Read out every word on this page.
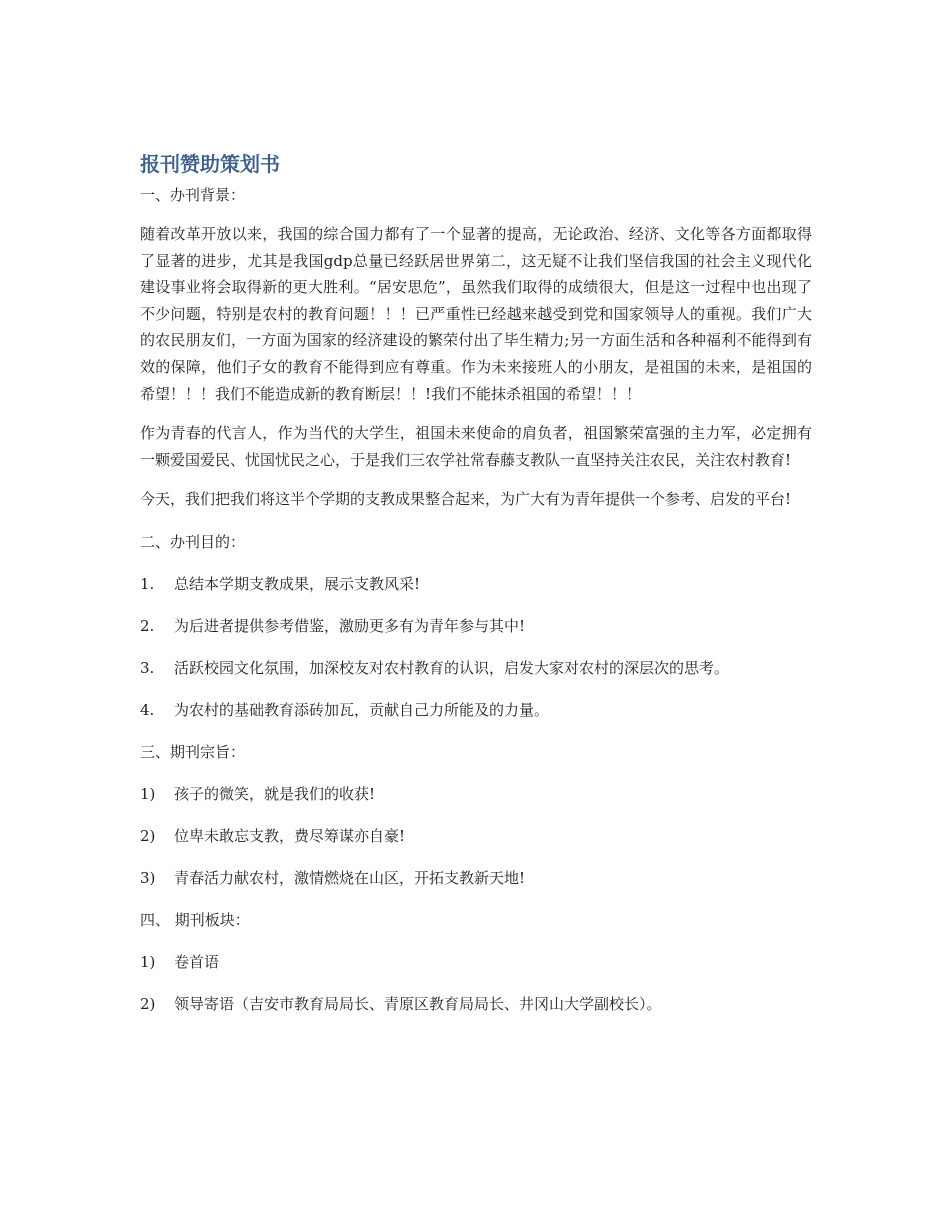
报刊赞助策划书

一、办刊背景：

随着改革开放以来，我国的综合国力都有了一个显著的提高，无论政治、经济、文化等各方面都取得了显著的进步，尤其是我国gdp总量已经跃居世界第二，这无疑不让我们坚信我国的社会主义现代化建设事业将会取得新的更大胜利。“居安思危”，虽然我们取得的成绩很大，但是这一过程中也出现了不少问题，特别是农村的教育问题！！！已严重性已经越来越受到党和国家领导人的重视。我们广大的农民朋友们，一方面为国家的经济建设的繁荣付出了毕生精力;另一方面生活和各种福利不能得到有效的保障，他们子女的教育不能得到应有尊重。作为未来接班人的小朋友，是祖国的未来，是祖国的希望！！！我们不能造成新的教育断层！！!我们不能抹杀祖国的希望！！！

作为青春的代言人，作为当代的大学生，祖国未来使命的肩负者，祖国繁荣富强的主力军，必定拥有一颗爱国爱民、忧国忧民之心，于是我们三农学社常春藤支教队一直坚持关注农民，关注农村教育!

今天，我们把我们将这半个学期的支教成果整合起来，为广大有为青年提供一个参考、启发的平台!

二、办刊目的：

1.	总结本学期支教成果，展示支教风采!
2.	为后进者提供参考借鉴，激励更多有为青年参与其中!
3.	活跃校园文化氛围，加深校友对农村教育的认识，启发大家对农村的深层次的思考。
4.	为农村的基础教育添砖加瓦，贡献自己力所能及的力量。

三、期刊宗旨：

1)	孩子的微笑，就是我们的收获!
2)	位卑未敢忘支教，费尽筹谋亦自豪!
3)	青春活力献农村，激情燃烧在山区，开拓支教新天地!

四、 期刊板块：

1)	卷首语
2)	领导寄语（吉安市教育局局长、青原区教育局局长、井冈山大学副校长）。
